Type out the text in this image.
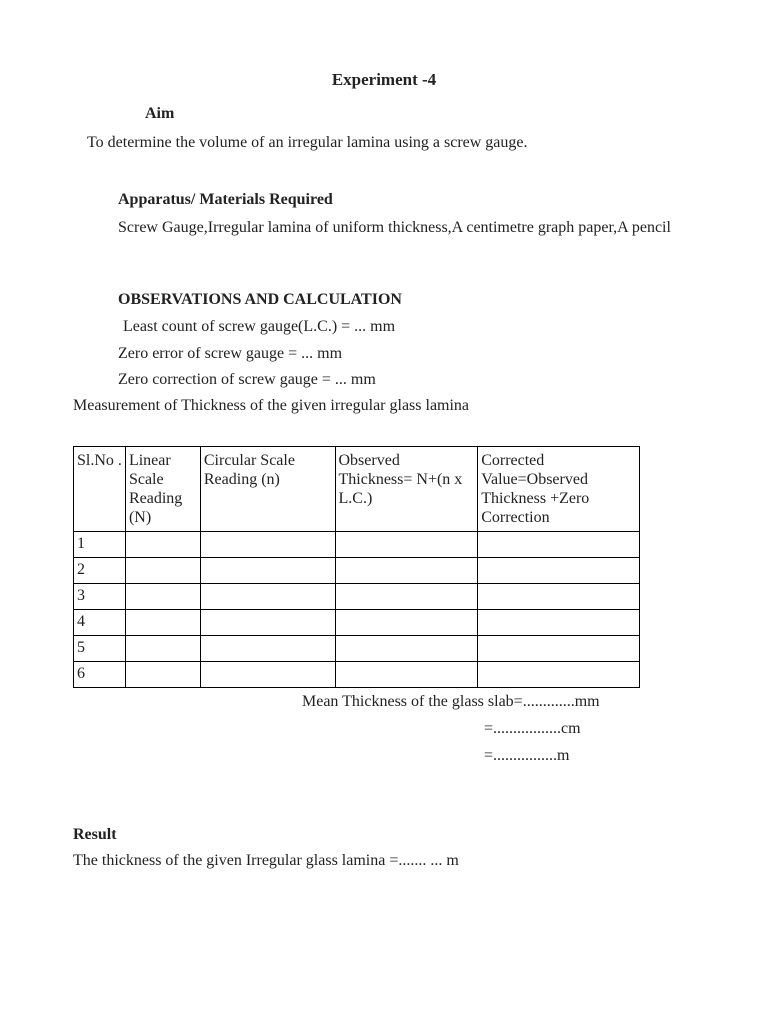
Experiment -4
Aim
To determine the volume of an irregular lamina using a screw gauge.
Apparatus/ Materials Required
Screw Gauge,Irregular lamina of uniform thickness,A centimetre graph paper,A pencil
OBSERVATIONS AND CALCULATION
Least count of screw gauge(L.C.) = ... mm
Zero error of screw gauge = ... mm
Zero correction of screw gauge = ... mm
Measurement of Thickness of the given irregular glass lamina
Sl.No .	Linear Scale Reading (N)	Circular Scale Reading (n)	Observed Thickness= N+(n x L.C.)	Corrected Value=Observed Thickness +Zero Correction
1				
2				
3				
4				
5				
6				
Mean Thickness of the glass slab=.............mm
=.................cm
=................m
Result
The thickness of the given Irregular glass lamina =....... ... m
